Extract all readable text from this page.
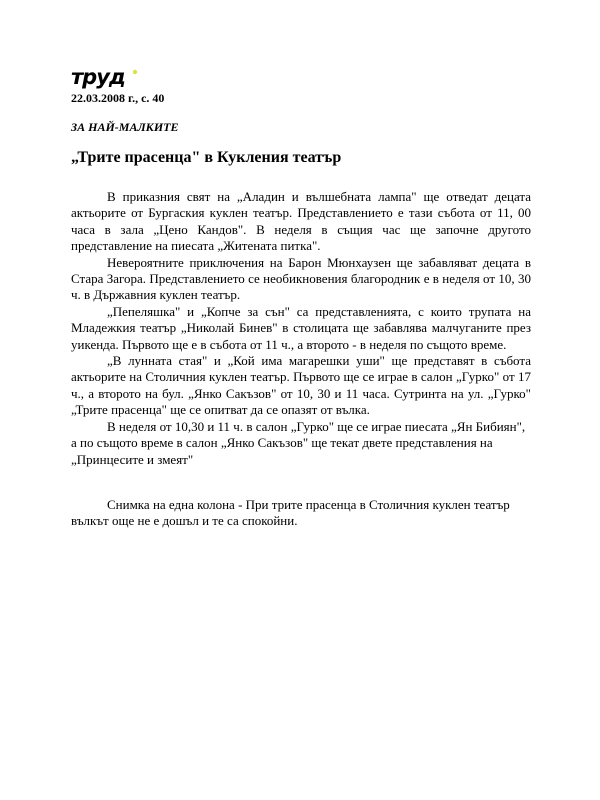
труд
22.03.2008 г., с. 40
ЗА НАЙ-МАЛКИТЕ
„Трите прасенца" в Кукления театър

В приказния свят на „Аладин и вълшебната лампа" ще отведат децата актьорите от Бургаския куклен театър. Представлението е тази събота от 11, 00 часа в зала „Цено Кандов". В неделя в същия час ще започне другото представление на пиесата „Житената питка".

Невероятните приключения на Барон Мюнхаузен ще забавляват децата в Стара Загора. Представлението се необикновения благородник е в неделя от 10, 30 ч. в Държавния куклен театър.

„Пепеляшка" и „Копче за сън" са представленията, с които трупата на Младежкия театър „Николай Бинев" в столицата ще забавлява малчуганите през уикенда. Първото ще е в събота от 11 ч., а второто - в неделя по същото време.

„В лунната стая" и „Кой има магарешки уши" ще представят в събота актьорите на Столичния куклен театър. Първото ще се играе в салон „Гурко" от 17 ч., а второто на бул. „Янко Сакъзов" от 10, 30 и 11 часа. Сутринта на ул. „Гурко" „Трите прасенца" ще се опитват да се опазят от вълка.

В неделя от 10,30 и 11 ч. в салон „Гурко" ще се играе пиесата „Ян Бибиян", а по същото време в салон „Янко Сакъзов" ще текат двете представления на „Принцесите и змеят"

Снимка на една колона - При трите прасенца в Столичния куклен театър вълкът още не е дошъл и те са спокойни.
